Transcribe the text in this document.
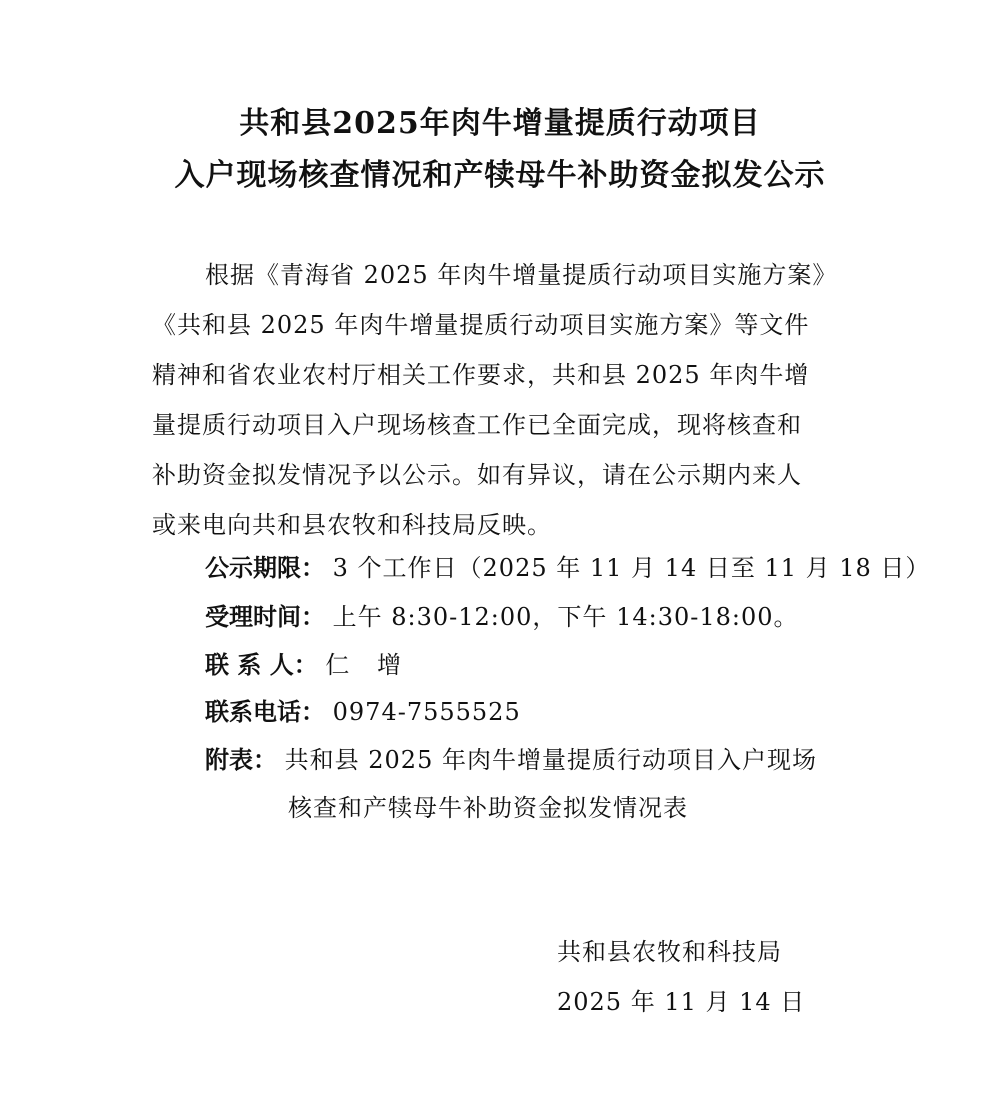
共和县2025年肉牛增量提质行动项目
入户现场核查情况和产犊母牛补助资金拟发公示
根据《青海省 2025 年肉牛增量提质行动项目实施方案》
《共和县 2025 年肉牛增量提质行动项目实施方案》等文件
精神和省农业农村厅相关工作要求，共和县 2025 年肉牛增
量提质行动项目入户现场核查工作已全面完成，现将核查和
补助资金拟发情况予以公示。如有异议，请在公示期内来人
或来电向共和县农牧和科技局反映。
公示期限： 3 个工作日（2025 年 11 月 14 日至 11 月 18 日）
受理时间： 上午 8:30-12:00，下午 14:30-18:00。
联 系 人： 仁 增
联系电话： 0974-7555525
附表： 共和县 2025 年肉牛增量提质行动项目入户现场
核查和产犊母牛补助资金拟发情况表
共和县农牧和科技局
2025 年 11 月 14 日
